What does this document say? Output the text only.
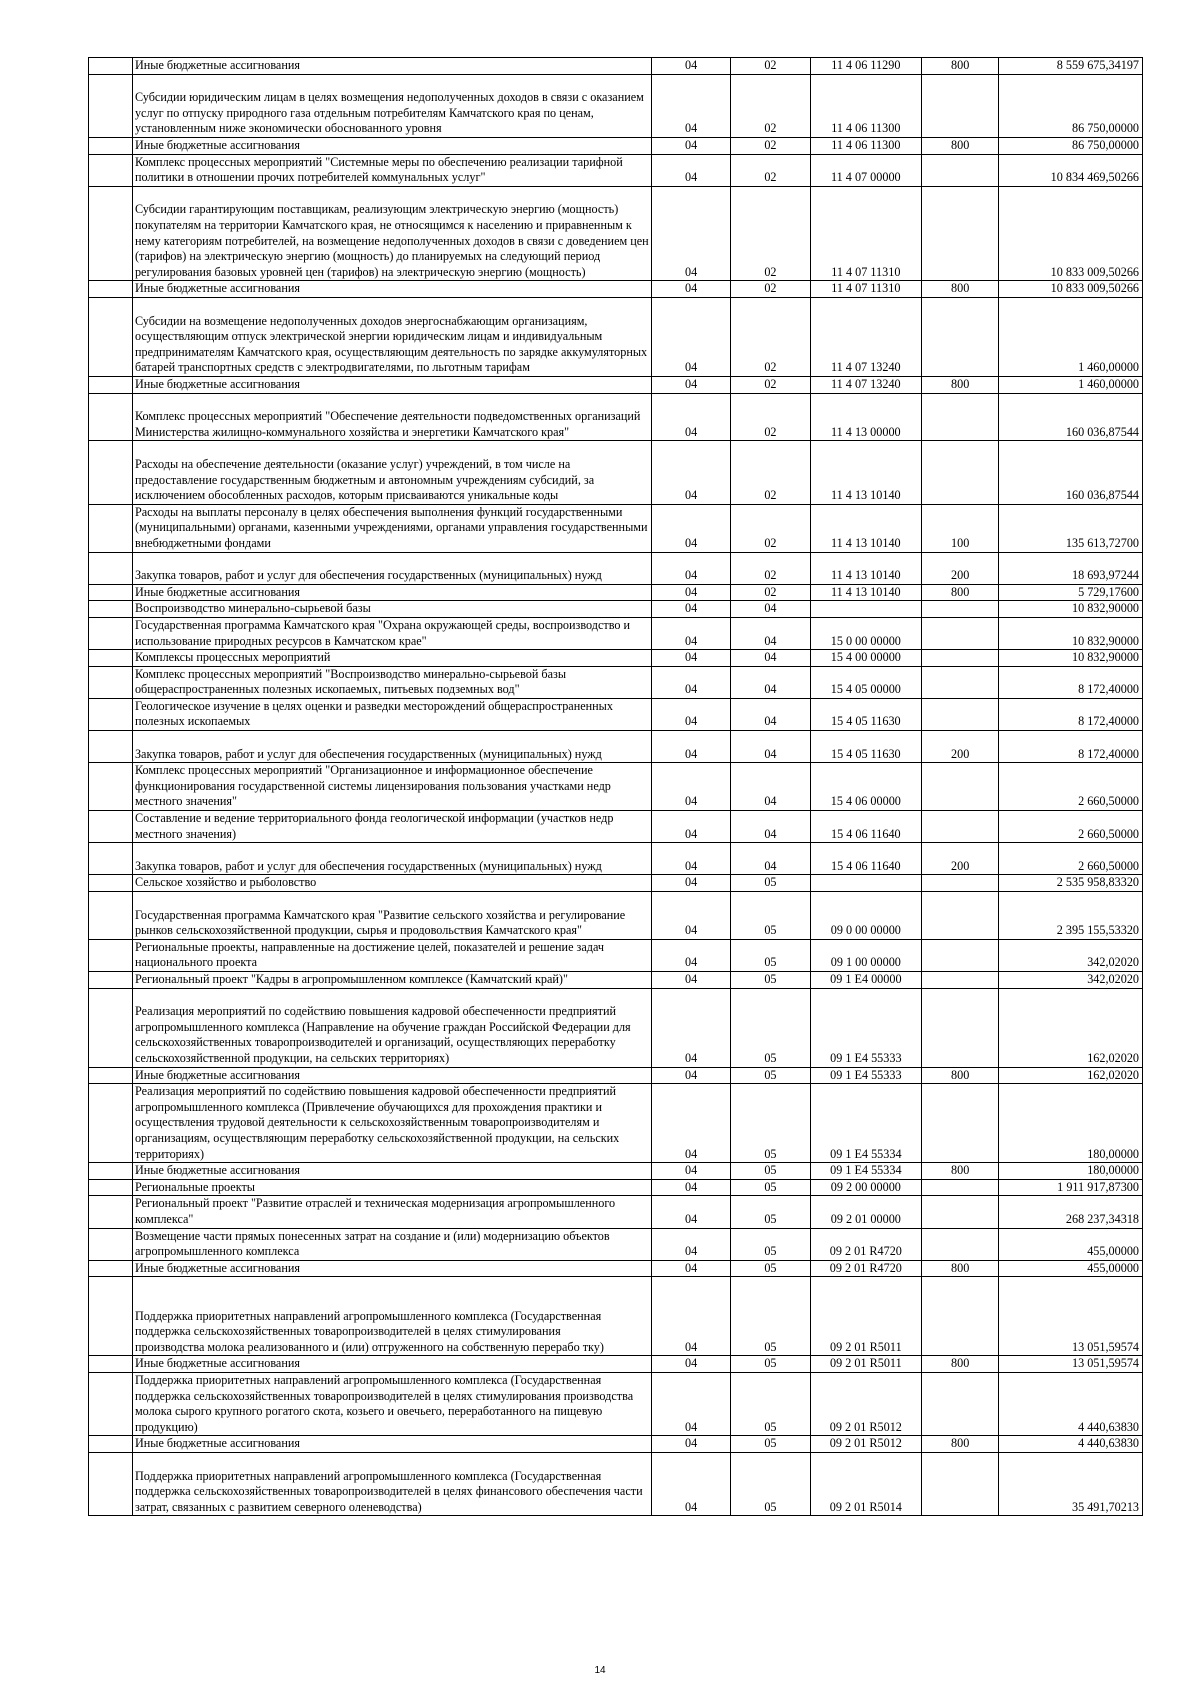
	Иные бюджетные ассигнования	04	02	11 4 06 11290	800	8 559 675,34197

Субсидии юридическим лицам в целях возмещения недополученных доходов в связи с оказанием услуг по отпуску природного газа отдельным потребителям Камчатского края по ценам, установленным ниже экономически обоснованного уровня	04	02	11 4 06 11300		86 750,00000
	Иные бюджетные ассигнования	04	02	11 4 06 11300	800	86 750,00000
	Комплекс процессных мероприятий "Системные меры по обеспечению реализации тарифной политики в отношении прочих потребителей коммунальных услуг"	04	02	11 4 07 00000		10 834 469,50266
	Субсидии гарантирующим поставщикам, реализующим электрическую энергию (мощность) покупателям на территории Камчатского края, не относящимся к населению и приравненным к нему категориям потребителей, на возмещение недополученных доходов в связи с доведением цен (тарифов) на электрическую энергию (мощность) до планируемых на следующий период регулирования базовых уровней цен (тарифов) на электрическую энергию (мощность)	04	02	11 4 07 11310		10 833 009,50266
	Иные бюджетные ассигнования	04	02	11 4 07 11310	800	10 833 009,50266
	Субсидии на возмещение недополученных доходов энергоснабжающим организациям, осуществляющим отпуск электрической энергии юридическим лицам и индивидуальным предпринимателям Камчатского края, осуществляющим деятельность по зарядке аккумуляторных батарей транспортных средств с электродвигателями, по льготным тарифам	04	02	11 4 07 13240		1 460,00000
	Иные бюджетные ассигнования	04	02	11 4 07 13240	800	1 460,00000
	Комплекс процессных мероприятий "Обеспечение деятельности подведомственных организаций Министерства жилищно-коммунального хозяйства и энергетики Камчатского края"	04	02	11 4 13 00000		160 036,87544

Расходы на обеспечение деятельности (оказание услуг) учреждений, в том числе на предоставление государственным бюджетным и автономным учреждениям субсидий, за исключением обособленных расходов, которым присваиваются уникальные коды	04	02	11 4 13 10140		160 036,87544
	Расходы на выплаты персоналу в целях обеспечения выполнения функций государственными (муниципальными) органами, казенными учреждениями, органами управления государственными внебюджетными фондами	04	02	11 4 13 10140	100	135 613,72700
	Закупка товаров, работ и услуг для обеспечения государственных (муниципальных) нужд	04	02	11 4 13 10140	200	18 693,97244
	Иные бюджетные ассигнования	04	02	11 4 13 10140	800	5 729,17600
	Воспроизводство минерально-сырьевой базы	04	04			10 832,90000
	Государственная программа Камчатского края "Охрана окружающей среды, воспроизводство и использование природных ресурсов в Камчатском крае"	04	04	15 0 00 00000		10 832,90000
	Комплексы процессных мероприятий	04	04	15 4 00 00000		10 832,90000
	Комплекс процессных мероприятий "Воспроизводство минерально-сырьевой базы общераспространенных полезных ископаемых, питьевых подземных вод"	04	04	15 4 05 00000		8 172,40000
	Геологическое изучение в целях оценки и разведки месторождений общераспространенных полезных ископаемых	04	04	15 4 05 11630		8 172,40000
	Закупка товаров, работ и услуг для обеспечения государственных (муниципальных) нужд	04	04	15 4 05 11630	200	8 172,40000
	Комплекс процессных мероприятий "Организационное и информационное обеспечение функционирования государственной системы лицензирования пользования участками недр местного значения"	04	04	15 4 06 00000		2 660,50000
	Составление и ведение территориального фонда геологической информации (участков недр местного значения)	04	04	15 4 06 11640		2 660,50000
	Закупка товаров, работ и услуг для обеспечения государственных (муниципальных) нужд	04	04	15 4 06 11640	200	2 660,50000
	Сельское хозяйство и рыболовство	04	05			2 535 958,83320
	Государственная программа Камчатского края "Развитие сельского хозяйства и регулирование рынков сельскохозяйственной продукции, сырья и продовольствия Камчатского края"	04	05	09 0 00 00000		2 395 155,53320
	Региональные проекты, направленные на достижение целей, показателей и решение задач национального проекта	04	05	09 1 00 00000		342,02020
	Региональный проект "Кадры в агропромышленном комплексе (Камчатский край)"	04	05	09 1 E4 00000		342,02020
	Реализация мероприятий по содействию повышения кадровой обеспеченности предприятий агропромышленного комплекса (Направление на обучение граждан Российской Федерации для сельскохозяйственных товаропроизводителей и организаций, осуществляющих переработку сельскохозяйственной продукции, на сельских территориях)	04	05	09 1 E4 55333		162,02020
	Иные бюджетные ассигнования	04	05	09 1 E4 55333	800	162,02020
	Реализация мероприятий по содействию повышения кадровой обеспеченности предприятий агропромышленного комплекса (Привлечение обучающихся для прохождения практики и осуществления трудовой деятельности к сельскохозяйственным товаропроизводителям и организациям, осуществляющим переработку сельскохозяйственной продукции, на сельских территориях)	04	05	09 1 E4 55334		180,00000
	Иные бюджетные ассигнования	04	05	09 1 E4 55334	800	180,00000
	Региональные проекты	04	05	09 2 00 00000		1 911 917,87300
	Региональный проект "Развитие отраслей и техническая модернизация агропромышленного комплекса"	04	05	09 2 01 00000		268 237,34318
	Возмещение части прямых понесенных затрат на создание и (или) модернизацию объектов агропромышленного комплекса	04	05	09 2 01 R4720		455,00000
	Иные бюджетные ассигнования	04	05	09 2 01 R4720	800	455,00000
	Поддержка приоритетных направлений агропромышленного комплекса (Государственная поддержка сельскохозяйственных товаропроизводителей в целях стимулирования
производства молока реализованного и (или) отгруженного на собственную перерабо тку)	04	05	09 2 01 R5011		13 051,59574
	Иные бюджетные ассигнования	04	05	09 2 01 R5011	800	13 051,59574
	Поддержка приоритетных направлений агропромышленного комплекса (Государственная поддержка сельскохозяйственных товаропроизводителей в целях стимулирования производства молока сырого крупного рогатого скота, козьего и овечьего, переработанного на пищевую продукцию)	04	05	09 2 01 R5012		4 440,63830
	Иные бюджетные ассигнования	04	05	09 2 01 R5012	800	4 440,63830
	Поддержка приоритетных направлений агропромышленного комплекса (Государственная поддержка сельскохозяйственных товаропроизводителей в целях финансового обеспечения части затрат, связанных с развитием северного оленеводства)	04	05	09 2 01 R5014		35 491,70213
14
